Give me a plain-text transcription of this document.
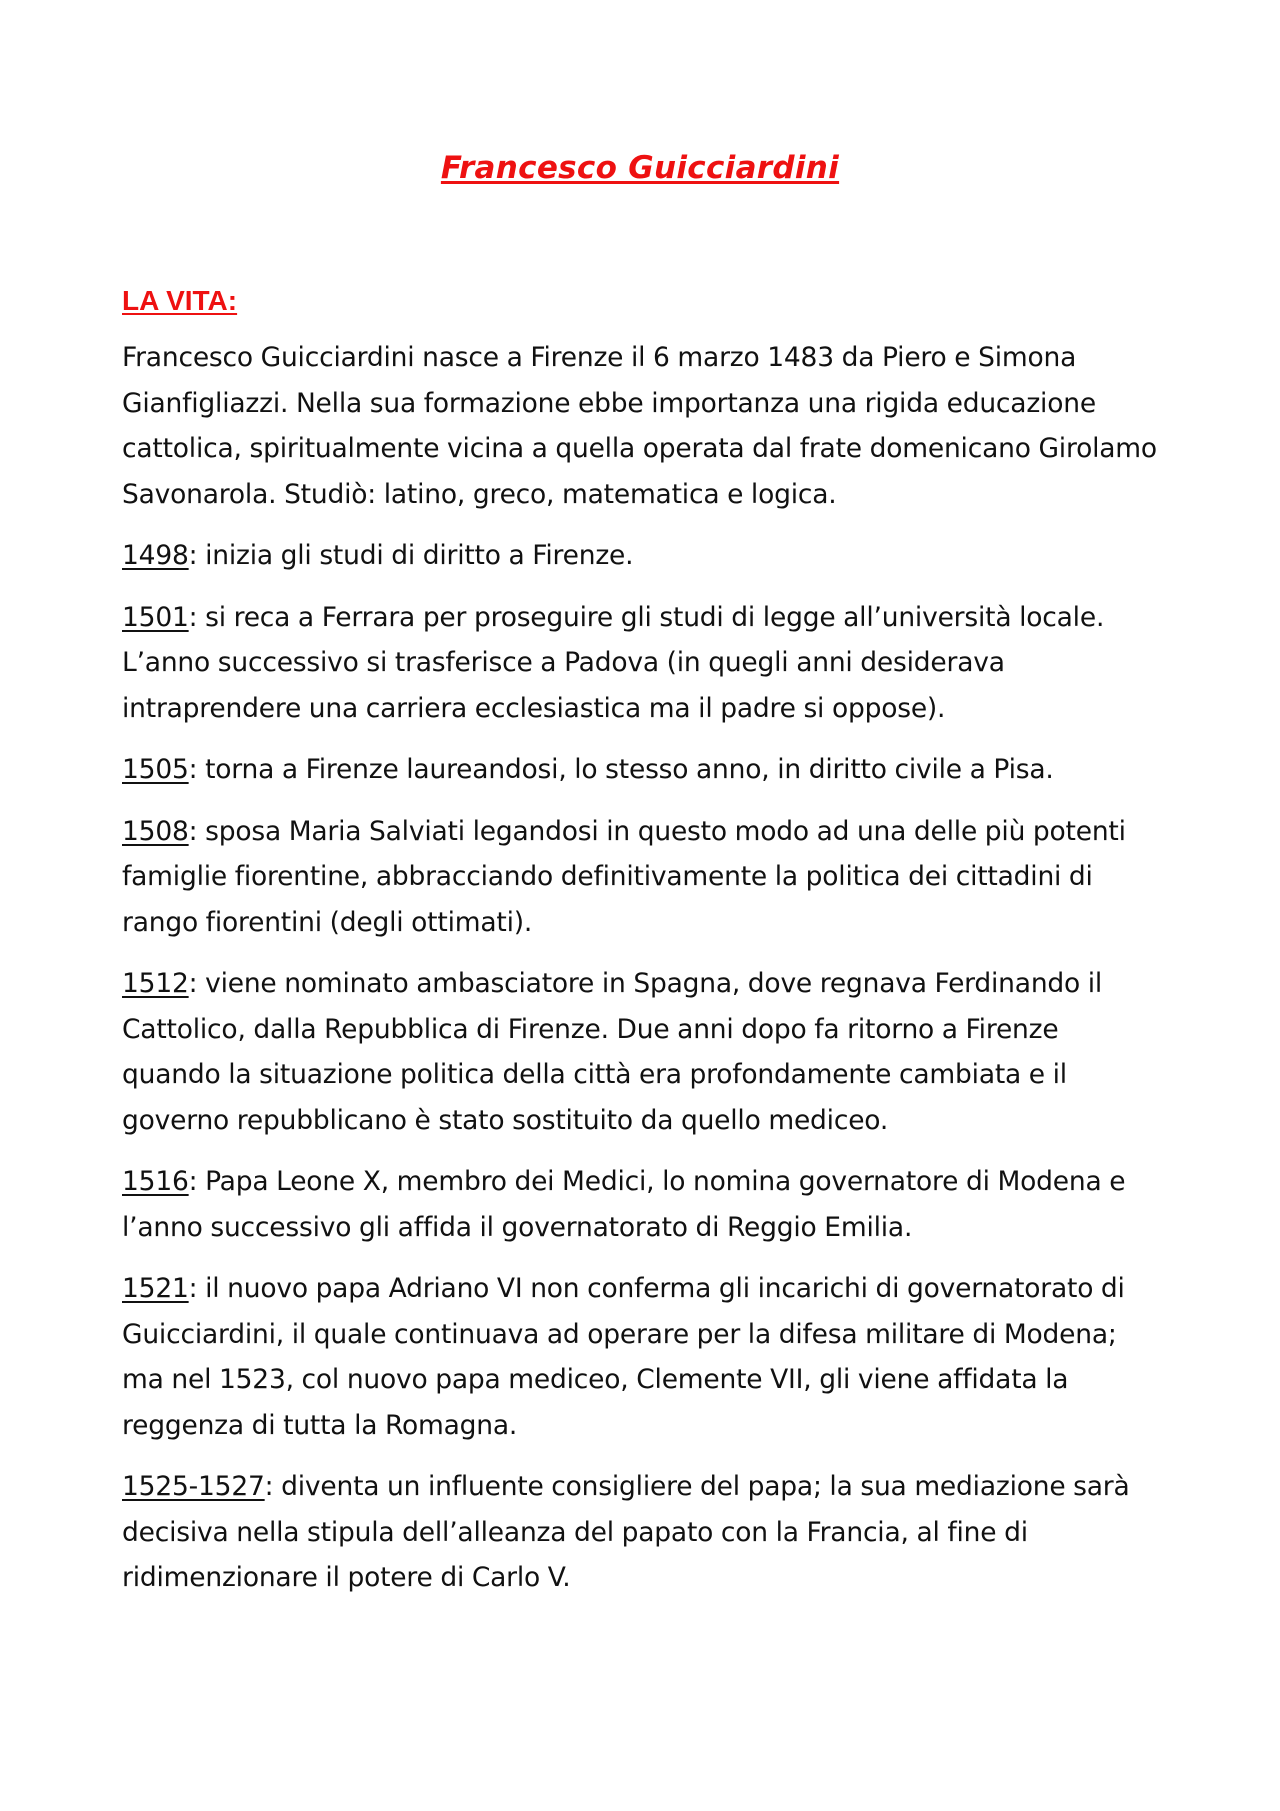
Francesco Guicciardini
LA VITA:

Francesco Guicciardini nasce a Firenze il 6 marzo 1483 da Piero e Simona Gianfigliazzi. Nella sua formazione ebbe importanza una rigida educazione cattolica, spiritualmente vicina a quella operata dal frate domenicano Girolamo Savonarola. Studiò: latino, greco, matematica e logica.

1498: inizia gli studi di diritto a Firenze.

1501: si reca a Ferrara per proseguire gli studi di legge all’università locale. L’anno successivo si trasferisce a Padova (in quegli anni desiderava intraprendere una carriera ecclesiastica ma il padre si oppose).

1505: torna a Firenze laureandosi, lo stesso anno, in diritto civile a Pisa.

1508: sposa Maria Salviati legandosi in questo modo ad una delle più potenti famiglie fiorentine, abbracciando definitivamente la politica dei cittadini di rango fiorentini (degli ottimati).

1512: viene nominato ambasciatore in Spagna, dove regnava Ferdinando il Cattolico, dalla Repubblica di Firenze. Due anni dopo fa ritorno a Firenze quando la situazione politica della città era profondamente cambiata e il governo repubblicano è stato sostituito da quello mediceo.

1516: Papa Leone X, membro dei Medici, lo nomina governatore di Modena e l’anno successivo gli affida il governatorato di Reggio Emilia.

1521: il nuovo papa Adriano VI non conferma gli incarichi di governatorato di Guicciardini, il quale continuava ad operare per la difesa militare di Modena; ma nel 1523, col nuovo papa mediceo, Clemente VII, gli viene affidata la reggenza di tutta la Romagna.

1525-1527: diventa un influente consigliere del papa; la sua mediazione sarà decisiva nella stipula dell’alleanza del papato con la Francia, al fine di ridimenzionare il potere di Carlo V.
